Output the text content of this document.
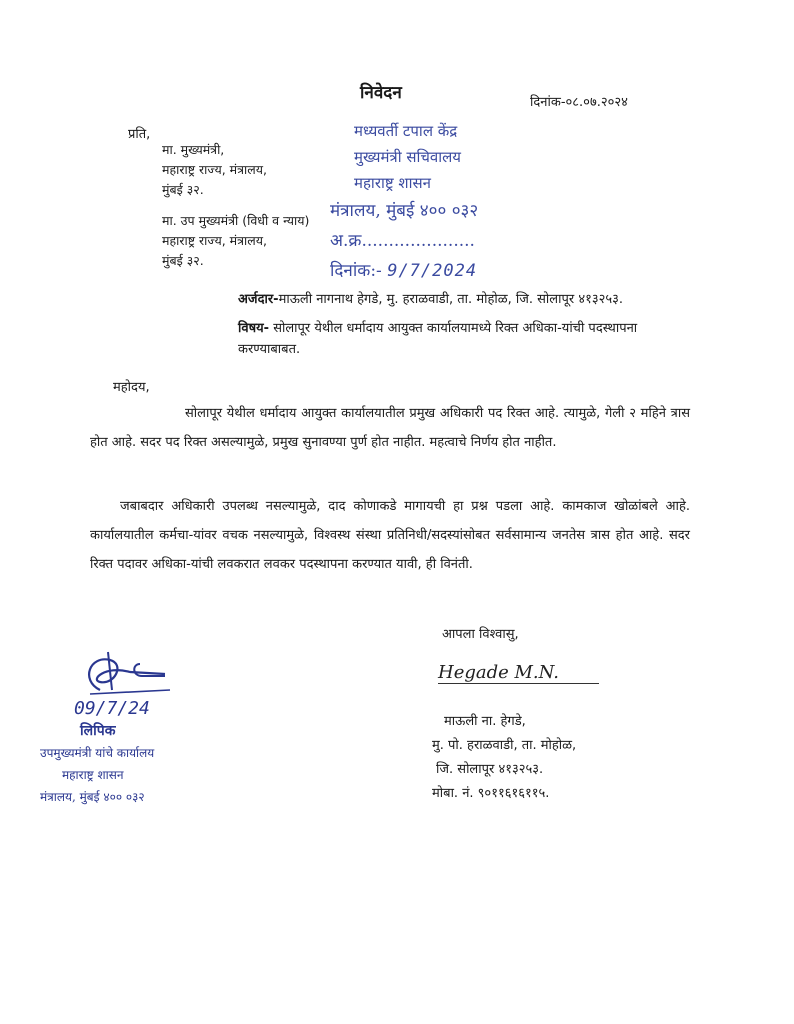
निवेदन	दिनांक-०८.०७.२०२४
प्रति,
मा. मुख्यमंत्री,
महाराष्ट्र राज्य, मंत्रालय,
मुंबई ३२.
मा. उप मुख्यमंत्री (विधी व न्याय)
महाराष्ट्र राज्य, मंत्रालय,
मुंबई ३२.
मध्यवर्ती टपाल केंद्र
मुख्यमंत्री सचिवालय
महाराष्ट्र शासन
मंत्रालय, मुंबई ४०० ०३२
अ.क्र.....................
दिनांक:- 9/7/2024
अर्जदार-माऊली नागनाथ हेगडे, मु. हराळवाडी, ता. मोहोळ, जि. सोलापूर ४१३२५३.
विषय- सोलापूर येथील धर्मादाय आयुक्त कार्यालयामध्ये रिक्त अधिका-यांची पदस्थापना करण्याबाबत.
महोदय,
सोलापूर येथील धर्मादाय आयुक्त कार्यालयातील प्रमुख अधिकारी पद रिक्त आहे. त्यामुळे, गेली २ महिने त्रास होत आहे. सदर पद रिक्त असल्यामुळे, प्रमुख सुनावण्या पुर्ण होत नाहीत. महत्वाचे निर्णय होत नाहीत.
जबाबदार अधिकारी उपलब्ध नसल्यामुळे, दाद कोणाकडे मागायची हा प्रश्न पडला आहे. कामकाज खोळांबले आहे. कार्यालयातील कर्मचा-यांवर वचक नसल्यामुळे, विश्वस्थ संस्था प्रतिनिधी/सदस्यांसोबत सर्वसामान्य जनतेस त्रास होत आहे. सदर रिक्त पदावर अधिका-यांची लवकरात लवकर पदस्थापना करण्यात यावी, ही विनंती.
आपला विश्वासु,
Hegade M.N.
माऊली ना. हेगडे,
मु. पो. हराळवाडी, ता. मोहोळ,
जि. सोलापूर ४१३२५३.
मोबा. नं. ९०११६१६११५.
09/7/24
लिपिक
उपमुख्यमंत्री यांचे कार्यालय
महाराष्ट्र शासन
मंत्रालय, मुंबई ४०० ०३२
